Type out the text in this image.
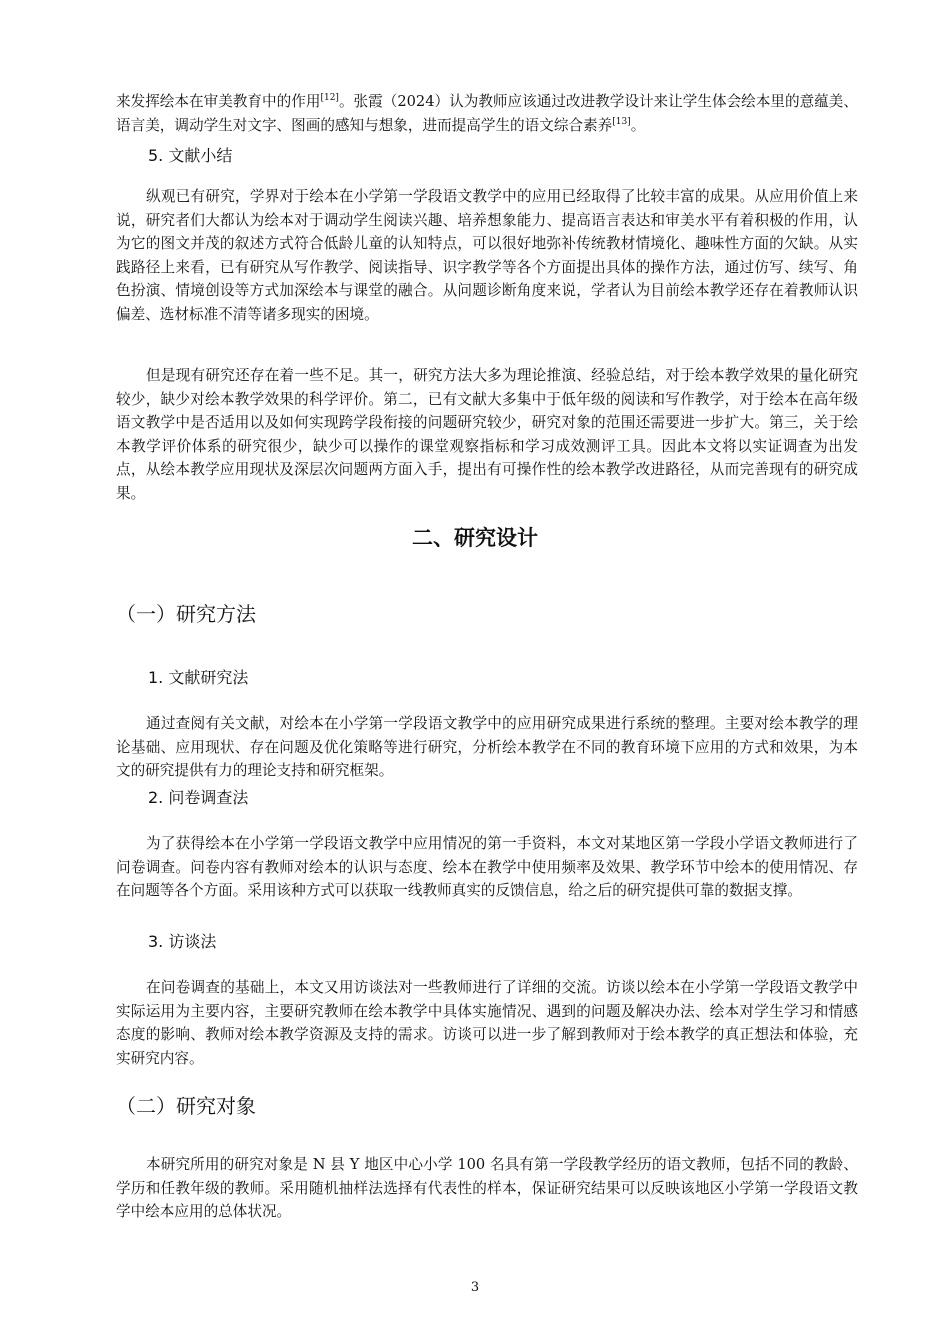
来发挥绘本在审美教育中的作用[12]。张霞（2024）认为教师应该通过改进教学设计来让学生体会绘本里的意蕴美、语言美，调动学生对文字、图画的感知与想象，进而提高学生的语文综合素养[13]。

5. 文献小结

纵观已有研究，学界对于绘本在小学第一学段语文教学中的应用已经取得了比较丰富的成果。从应用价值上来说，研究者们大都认为绘本对于调动学生阅读兴趣、培养想象能力、提高语言表达和审美水平有着积极的作用，认为它的图文并茂的叙述方式符合低龄儿童的认知特点，可以很好地弥补传统教材情境化、趣味性方面的欠缺。从实践路径上来看，已有研究从写作教学、阅读指导、识字教学等各个方面提出具体的操作方法，通过仿写、续写、角色扮演、情境创设等方式加深绘本与课堂的融合。从问题诊断角度来说，学者认为目前绘本教学还存在着教师认识偏差、选材标准不清等诸多现实的困境。

但是现有研究还存在着一些不足。其一，研究方法大多为理论推演、经验总结，对于绘本教学效果的量化研究较少，缺少对绘本教学效果的科学评价。第二，已有文献大多集中于低年级的阅读和写作教学，对于绘本在高年级语文教学中是否适用以及如何实现跨学段衔接的问题研究较少，研究对象的范围还需要进一步扩大。第三，关于绘本教学评价体系的研究很少，缺少可以操作的课堂观察指标和学习成效测评工具。因此本文将以实证调查为出发点，从绘本教学应用现状及深层次问题两方面入手，提出有可操作性的绘本教学改进路径，从而完善现有的研究成果。

二、研究设计
（一）研究方法
1. 文献研究法

通过查阅有关文献，对绘本在小学第一学段语文教学中的应用研究成果进行系统的整理。主要对绘本教学的理论基础、应用现状、存在问题及优化策略等进行研究，分析绘本教学在不同的教育环境下应用的方式和效果，为本文的研究提供有力的理论支持和研究框架。

2. 问卷调查法

为了获得绘本在小学第一学段语文教学中应用情况的第一手资料，本文对某地区第一学段小学语文教师进行了问卷调查。问卷内容有教师对绘本的认识与态度、绘本在教学中使用频率及效果、教学环节中绘本的使用情况、存在问题等各个方面。采用该种方式可以获取一线教师真实的反馈信息，给之后的研究提供可靠的数据支撑。

3. 访谈法

在问卷调查的基础上，本文又用访谈法对一些教师进行了详细的交流。访谈以绘本在小学第一学段语文教学中实际运用为主要内容，主要研究教师在绘本教学中具体实施情况、遇到的问题及解决办法、绘本对学生学习和情感态度的影响、教师对绘本教学资源及支持的需求。访谈可以进一步了解到教师对于绘本教学的真正想法和体验，充实研究内容。

（二）研究对象

本研究所用的研究对象是 N 县 Y 地区中心小学 100 名具有第一学段教学经历的语文教师，包括不同的教龄、学历和任教年级的教师。采用随机抽样法选择有代表性的样本，保证研究结果可以反映该地区小学第一学段语文教学中绘本应用的总体状况。

3
